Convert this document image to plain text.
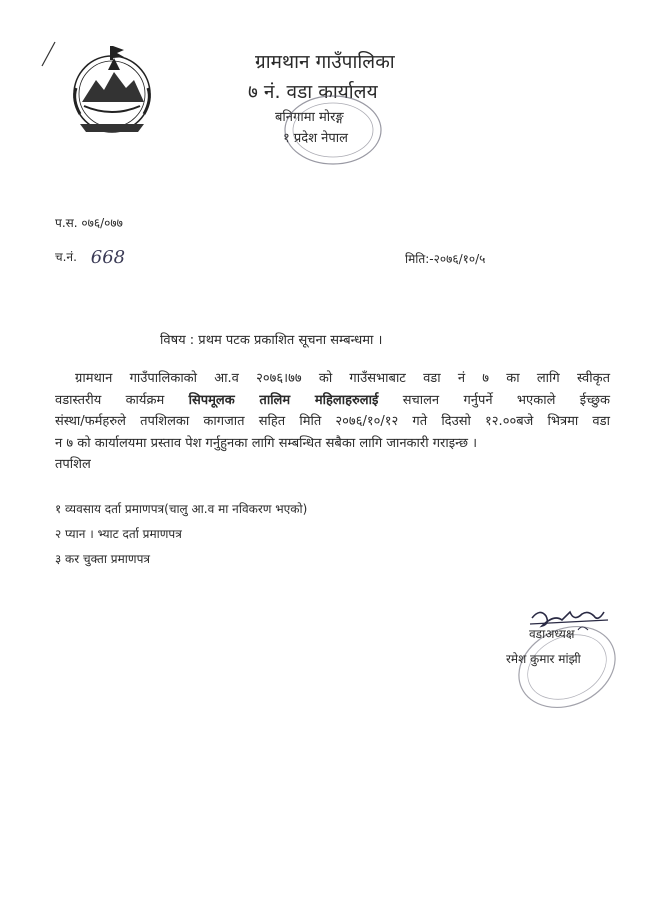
ग्रामथान गाउँपालिका
७ नं. वडा कार्यालय
बनिगामा मोरङ्ग
१ प्रदेश नेपाल
प.स. ०७६/०७७
च.नं. 668	मिति:-२०७६/१०/५
विषय : प्रथम पटक प्रकाशित सूचना सम्बन्धमा ।
ग्रामथान गाउँपालिकाको आ.व २०७६।७७ को गाउँसभाबाट वडा नं ७ का लागि स्वीकृत
वडास्तरीय कार्यक्रम सिपमूलक तालिम महिलाहरुलाई सचालन गर्नुपर्ने भएकाले ईच्छुक
संस्था/फर्महरुले तपशिलका कागजात सहित मिति २०७६/१०/१२ गते दिउसो १२.००बजे भित्रमा वडा
न ७ को कार्यालयमा प्रस्ताव पेश गर्नुहुनका लागि सम्बन्धित सबैका लागि जानकारी गराइन्छ ।
तपशिल
१ व्यवसाय दर्ता प्रमाणपत्र(चालु आ.व मा नविकरण भएको)
२ प्यान । भ्याट दर्ता प्रमाणपत्र
३ कर चुक्ता प्रमाणपत्र
वडाअध्यक्ष
रमेश कुमार मांझी
